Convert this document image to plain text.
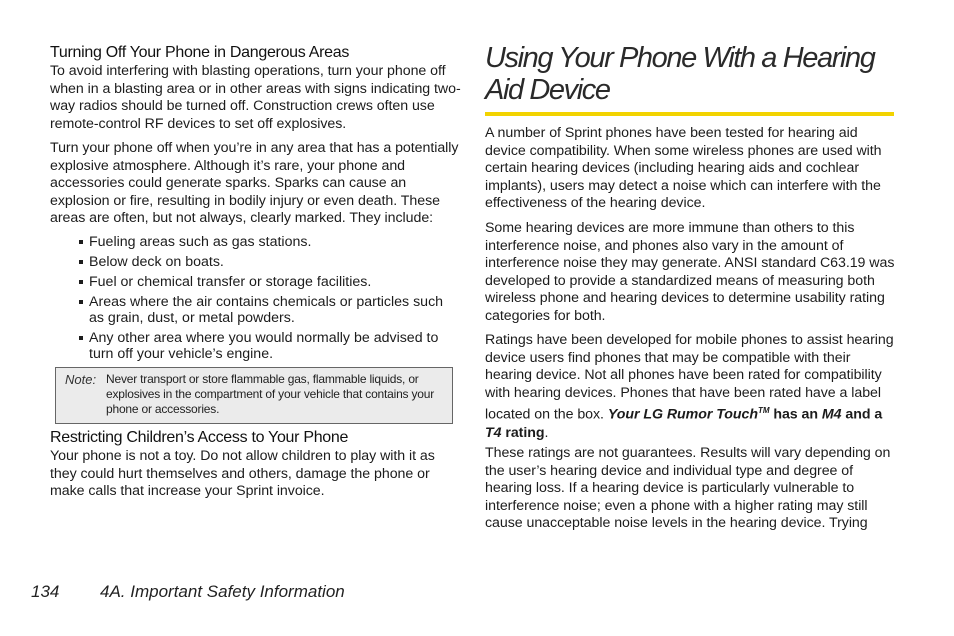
Turning Off Your Phone in Dangerous Areas

To avoid interfering with blasting operations, turn your phone off when in a blasting area or in other areas with signs indicating two-way radios should be turned off. Construction crews often use remote-control RF devices to set off explosives.

Turn your phone off when you’re in any area that has a potentially explosive atmosphere. Although it’s rare, your phone and accessories could generate sparks. Sparks can cause an explosion or fire, resulting in bodily injury or even death. These areas are often, but not always, clearly marked. They include:

Fueling areas such as gas stations.
Below deck on boats.
Fuel or chemical transfer or storage facilities.
Areas where the air contains chemicals or particles such as grain, dust, or metal powders.
Any other area where you would normally be advised to turn off your vehicle’s engine.
Note: Never transport or store flammable gas, flammable liquids, or explosives in the compartment of your vehicle that contains your phone or accessories.
Restricting Children’s Access to Your Phone

Your phone is not a toy. Do not allow children to play with it as they could hurt themselves and others, damage the phone or make calls that increase your Sprint invoice.

Using Your Phone With a Hearing Aid Device

A number of Sprint phones have been tested for hearing aid device compatibility. When some wireless phones are used with certain hearing devices (including hearing aids and cochlear implants), users may detect a noise which can interfere with the effectiveness of the hearing device.

Some hearing devices are more immune than others to this interference noise, and phones also vary in the amount of interference noise they may generate. ANSI standard C63.19 was developed to provide a standardized means of measuring both wireless phone and hearing devices to determine usability rating categories for both.

Ratings have been developed for mobile phones to assist hearing device users find phones that may be compatible with their hearing device. Not all phones have been rated for compatibility with hearing devices. Phones that have been rated have a label located on the box. Your LG Rumor Touch™ has an M4 and a T4 rating.

These ratings are not guarantees. Results will vary depending on the user’s hearing device and individual type and degree of hearing loss. If a hearing device is particularly vulnerable to interference noise; even a phone with a higher rating may still cause unacceptable noise levels in the hearing device. Trying

134 4A. Important Safety Information
